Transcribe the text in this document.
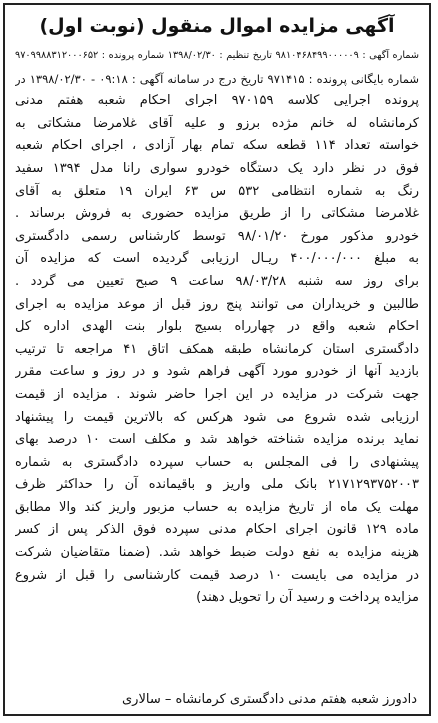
آگهی مزایده اموال منقول (نوبت اول)
شماره آگهی : ۹۸۱۰۴۶۸۴۹۹۰۰۰۰۰۹ تاریخ تنظیم : ۱۳۹۸/۰۲/۳۰ شماره پرونده : ۹۷۰۹۹۸۸۳۱۲۰۰۰۶۵۲
شماره بایگانی پرونده : ۹۷۱۴۱۵ تاریخ درج در سامانه آگهی : ۰۹:۱۸ - ۱۳۹۸/۰۲/۳۰ در
پرونده اجرایی کلاسه ۹۷۰۱۵۹ اجرای احکام شعبه هفتم مدنی
کرمانشاه له خانم مژده برزو و علیه آقای غلامرضا مشکاتی به
خواسته تعداد ۱۱۴ قطعه سکه تمام بهار آزادی ، اجرای احکام شعبه
فوق در نظر دارد یک دستگاه خودرو سواری رانا مدل ۱۳۹۴ سفید
رنگ به شماره انتظامی ۵۳۲ س ۶۳ ایران ۱۹ متعلق به آقای
غلامرضا مشکاتی را از طریق مزایده حضوری به فروش برساند .
خودرو مذکور مورخ ۹۸/۰۱/۲۰ توسط کارشناس رسمی دادگستری
به مبلغ ۴۰۰/۰۰۰/۰۰۰ ریـال ارزیابی گردیده است که مزایده آن
برای روز سه شنبه ۹۸/۰۳/۲۸ ساعت ۹ صبح تعیین می گردد .
طالبین و خریداران می توانند پنج روز قبل از موعد مزایده به اجرای
احکام شعبه واقع در چهارراه بسیج بلوار بنت الهدی اداره کل
دادگستری استان کرمانشاه طبقه همکف اتاق ۴۱ مراجعه تا ترتیب
بازدید آنها از خودرو مورد آگهی فراهم شود و در روز و ساعت مقرر
جهت شرکت در مزایده در این اجرا حاضر شوند . مزایده از قیمت
ارزیابی شده شروع می شود هرکس که بالاترین قیمت را پیشنهاد
نماید برنده مزایده شناخته خواهد شد و مکلف است ۱۰ درصد بهای
پیشنهادی را فی المجلس به حساب سپرده دادگستری به شماره
۲۱۷۱۲۹۳۷۵۲۰۰۳ بانک ملی واریز و باقیمانده آن را حداکثر ظرف
مهلت یک ماه از تاریخ مزایده به حساب مزبور واریز کند والا مطابق
ماده ۱۲۹ قانون اجرای احکام مدنی سپرده فوق الذکر پس از کسر
هزینه مزایده به نفع دولت ضبط خواهد شد. (ضمنا متقاضیان شرکت
در مزایده می بایست ۱۰ درصد قیمت کارشناسی را قبل از شروع
مزایده پرداخت و رسید آن را تحویل دهند)
دادورز شعبه هفتم مدنی دادگستری کرمانشاه – سالاری
